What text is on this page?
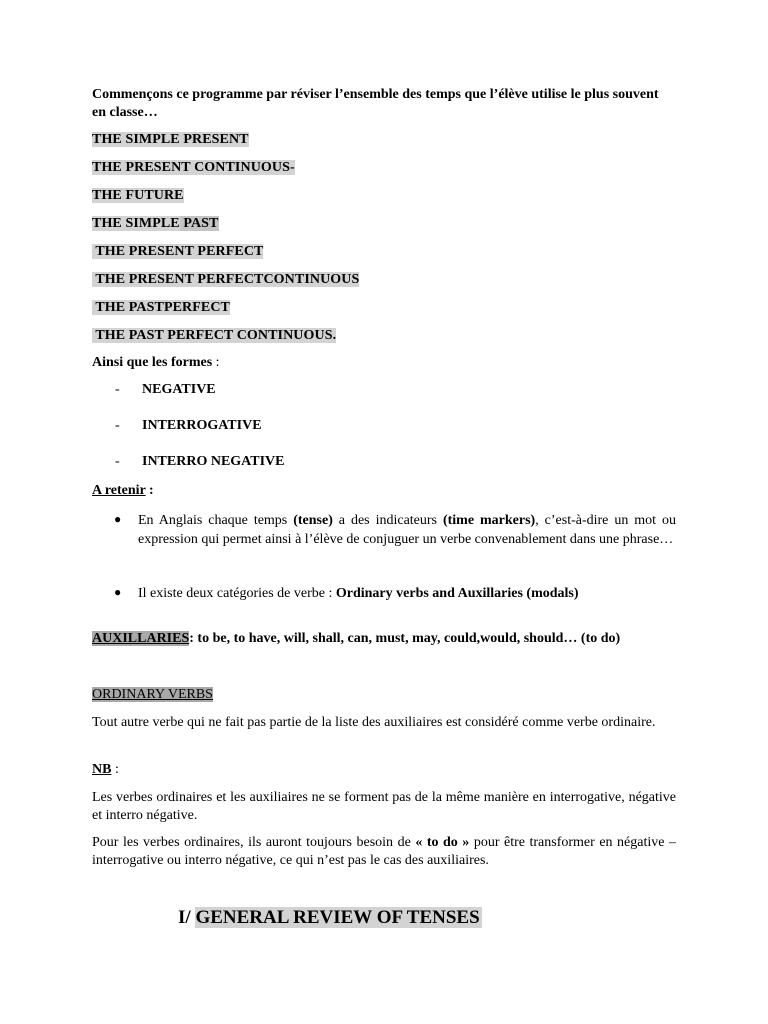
Commençons ce programme par réviser l’ensemble des temps que l’élève utilise le plus souvent en classe…
THE SIMPLE PRESENT
THE PRESENT CONTINUOUS-
THE FUTURE
THE SIMPLE PAST
THE PRESENT PERFECT
THE PRESENT PERFECTCONTINUOUS
THE PASTPERFECT
THE PAST PERFECT CONTINUOUS.
Ainsi que les formes :
- NEGATIVE
- INTERROGATIVE
- INTERRO NEGATIVE
A retenir :
● En Anglais chaque temps (tense) a des indicateurs (time markers), c’est-à-dire un mot ou expression qui permet ainsi à l’élève de conjuguer un verbe convenablement dans une phrase…
● Il existe deux catégories de verbe : Ordinary verbs and Auxillaries (modals)
AUXILLARIES: to be, to have, will, shall, can, must, may, could,would, should… (to do)
ORDINARY VERBS
Tout autre verbe qui ne fait pas partie de la liste des auxiliaires est considéré comme verbe ordinaire.
NB :
Les verbes ordinaires et les auxiliaires ne se forment pas de la même manière en interrogative, négative et interro négative.
Pour les verbes ordinaires, ils auront toujours besoin de « to do » pour être transformer en négative –interrogative ou interro négative, ce qui n’est pas le cas des auxiliaires.
I/ GENERAL REVIEW OF TENSES
